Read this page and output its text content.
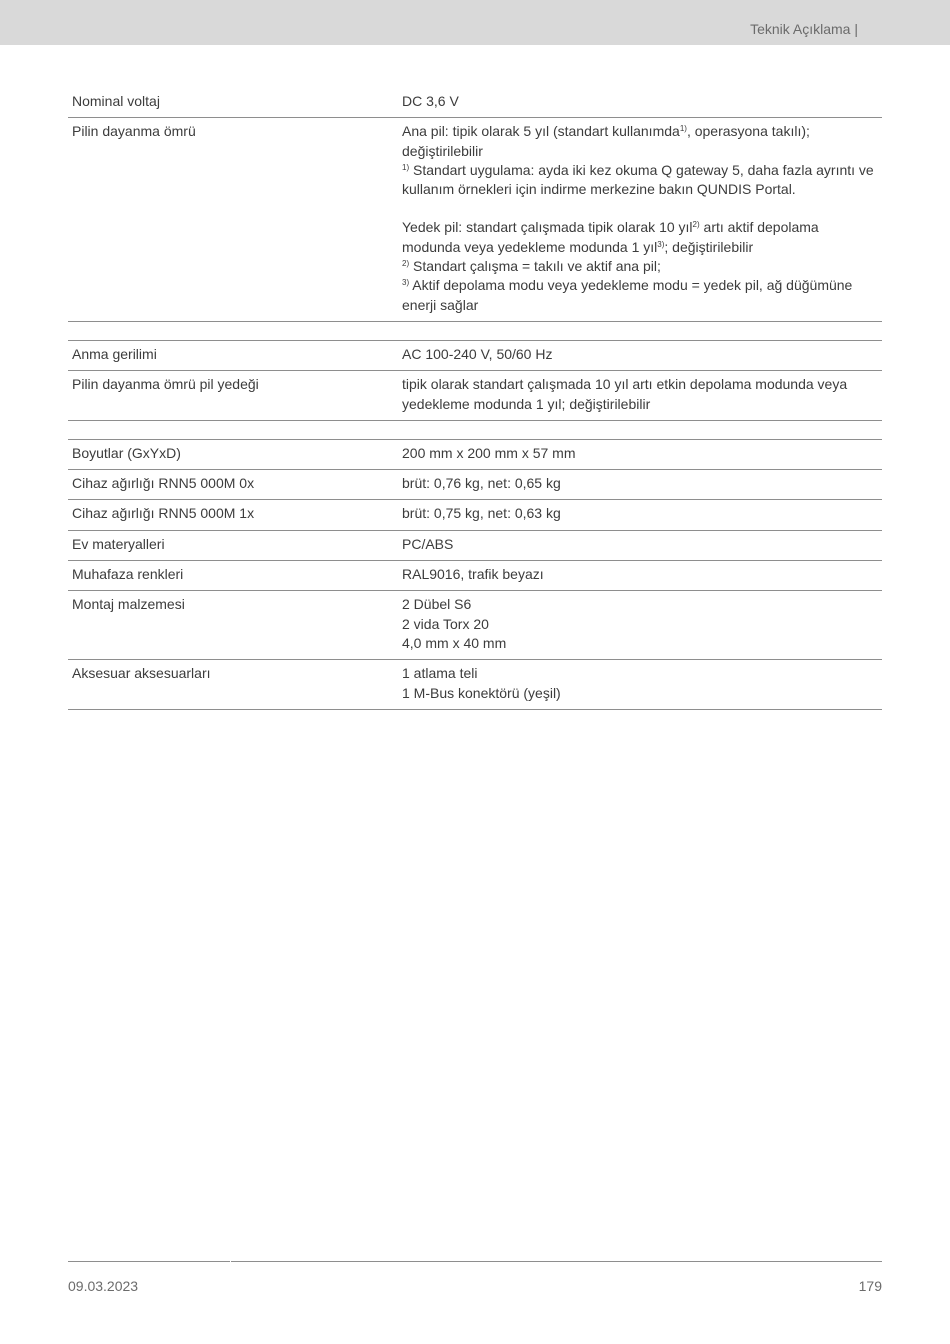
Teknik Açıklama |
Nominal voltaj	DC 3,6 V
Pilin dayanma ömrü	Ana pil: tipik olarak 5 yıl (standart kullanımda$^{1)}$, operasyona takılı); değiştirilebilir
$^{1)}$ Standart uygulama: ayda iki kez okuma Q gateway 5, daha fazla ayrıntı ve kullanım örnekleri için indirme merkezine bakın QUNDIS Portal.
Yedek pil: standart çalışmada tipik olarak 10 yıl$^{2)}$ artı aktif depolama modunda veya yedekleme modunda 1 yıl$^{3)}$; değiştirilebilir
$^{2)}$ Standart çalışma = takılı ve aktif ana pil;
$^{3)}$ Aktif depolama modu veya yedekleme modu = yedek pil, ağ düğümüne enerji sağlar

Anma gerilimi	AC 100-240 V, 50/60 Hz
Pilin dayanma ömrü pil yedeği	tipik olarak standart çalışmada 10 yıl artı etkin depolama modunda veya yedekleme modunda 1 yıl; değiştirilebilir

Boyutlar (GxYxD)	200 mm x 200 mm x 57 mm
Cihaz ağırlığı RNN5 000M 0x	brüt: 0,76 kg, net: 0,65 kg
Cihaz ağırlığı RNN5 000M 1x	brüt: 0,75 kg, net: 0,63 kg
Ev materyalleri	PC/ABS
Muhafaza renkleri	RAL9016, trafik beyazı
Montaj malzemesi	2 Dübel S6
2 vida Torx 20
4,0 mm x 40 mm

Aksesuar aksesuarları	1 atlama teli
1 M-Bus konektörü (yeşil)
09.03.2023	179
